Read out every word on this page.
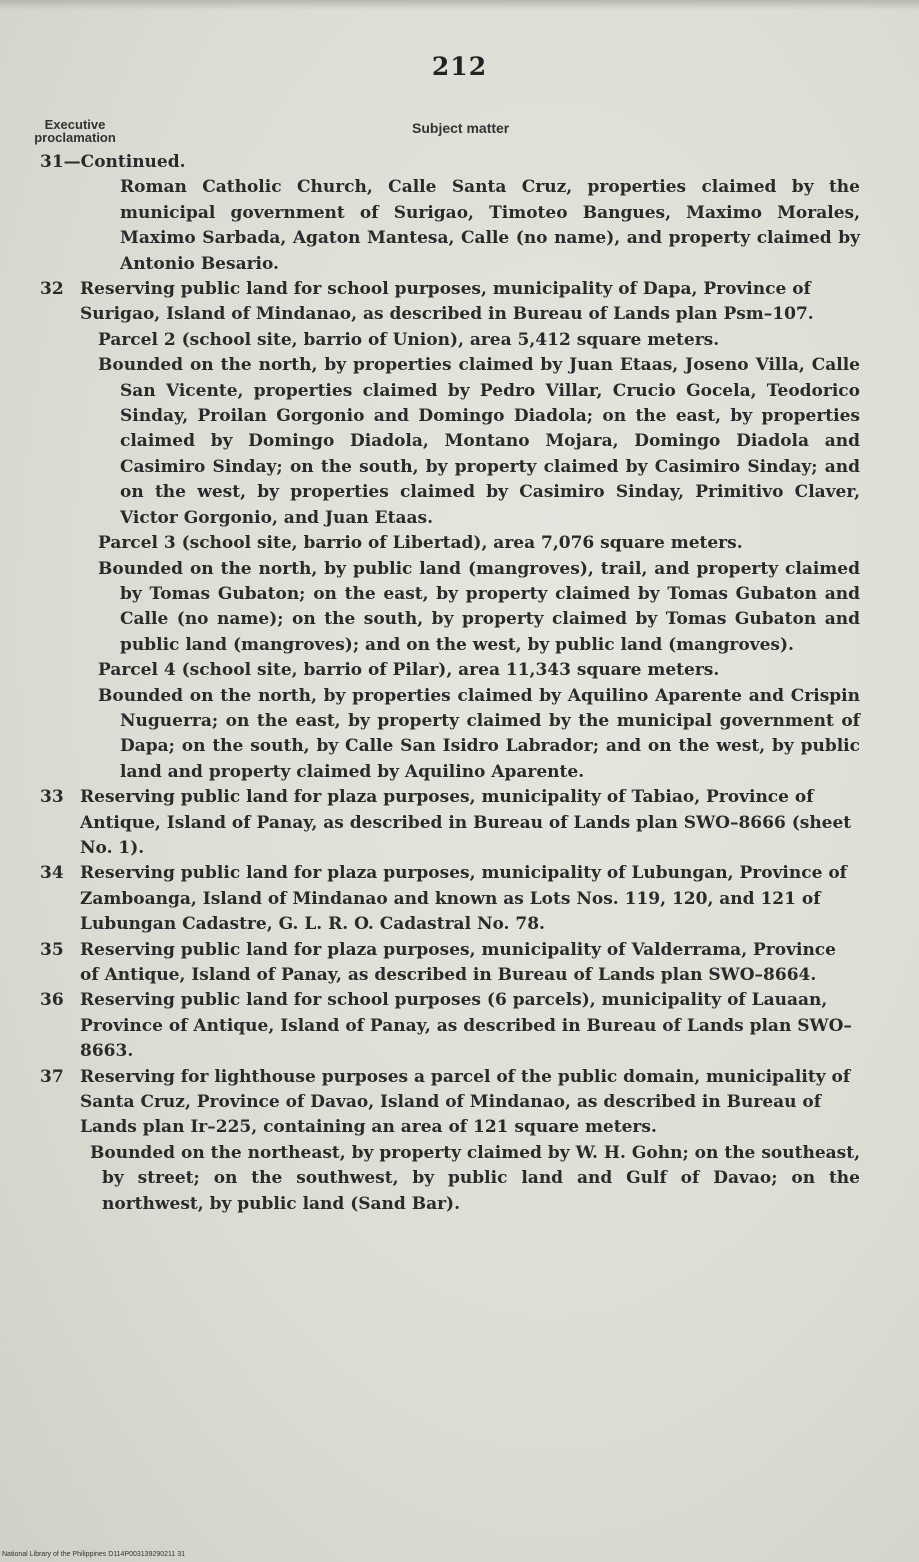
212
Executive proclamation
Subject matter
31—Continued.
Roman Catholic Church, Calle Santa Cruz, properties claimed by the municipal government of Surigao, Timoteo Bangues, Maximo Morales, Maximo Sarbada, Agaton Mantesa, Calle (no name), and property claimed by Antonio Besario.
32 Reserving public land for school purposes, municipality of Dapa, Province of Surigao, Island of Mindanao, as described in Bureau of Lands plan Psm–107.
Parcel 2 (school site, barrio of Union), area 5,412 square meters.
Bounded on the north, by properties claimed by Juan Etaas, Joseno Villa, Calle San Vicente, properties claimed by Pedro Villar, Crucio Gocela, Teodorico Sinday, Proilan Gorgonio and Domingo Diadola; on the east, by properties claimed by Domingo Diadola, Montano Mojara, Domingo Diadola and Casimiro Sinday; on the south, by property claimed by Casimiro Sinday; and on the west, by properties claimed by Casimiro Sinday, Primitivo Claver, Victor Gorgonio, and Juan Etaas.
Parcel 3 (school site, barrio of Libertad), area 7,076 square meters.
Bounded on the north, by public land (mangroves), trail, and property claimed by Tomas Gubaton; on the east, by property claimed by Tomas Gubaton and Calle (no name); on the south, by property claimed by Tomas Gubaton and public land (mangroves); and on the west, by public land (mangroves).
Parcel 4 (school site, barrio of Pilar), area 11,343 square meters.
Bounded on the north, by properties claimed by Aquilino Aparente and Crispin Nuguerra; on the east, by property claimed by the municipal government of Dapa; on the south, by Calle San Isidro Labrador; and on the west, by public land and property claimed by Aquilino Aparente.
33 Reserving public land for plaza purposes, municipality of Tabiao, Province of Antique, Island of Panay, as described in Bureau of Lands plan SWO–8666 (sheet No. 1).
34 Reserving public land for plaza purposes, municipality of Lubungan, Province of Zamboanga, Island of Mindanao and known as Lots Nos. 119, 120, and 121 of Lubungan Cadastre, G. L. R. O. Cadastral No. 78.
35 Reserving public land for plaza purposes, municipality of Valderrama, Province of Antique, Island of Panay, as described in Bureau of Lands plan SWO–8664.
36 Reserving public land for school purposes (6 parcels), municipality of Lauaan, Province of Antique, Island of Panay, as described in Bureau of Lands plan SWO–8663.
37 Reserving for lighthouse purposes a parcel of the public domain, municipality of Santa Cruz, Province of Davao, Island of Mindanao, as described in Bureau of Lands plan Ir–225, containing an area of 121 square meters.
Bounded on the northeast, by property claimed by W. H. Gohn; on the southeast, by street; on the southwest, by public land and Gulf of Davao; on the northwest, by public land (Sand Bar).
National Library of the Philippines D114P003139290211 31
